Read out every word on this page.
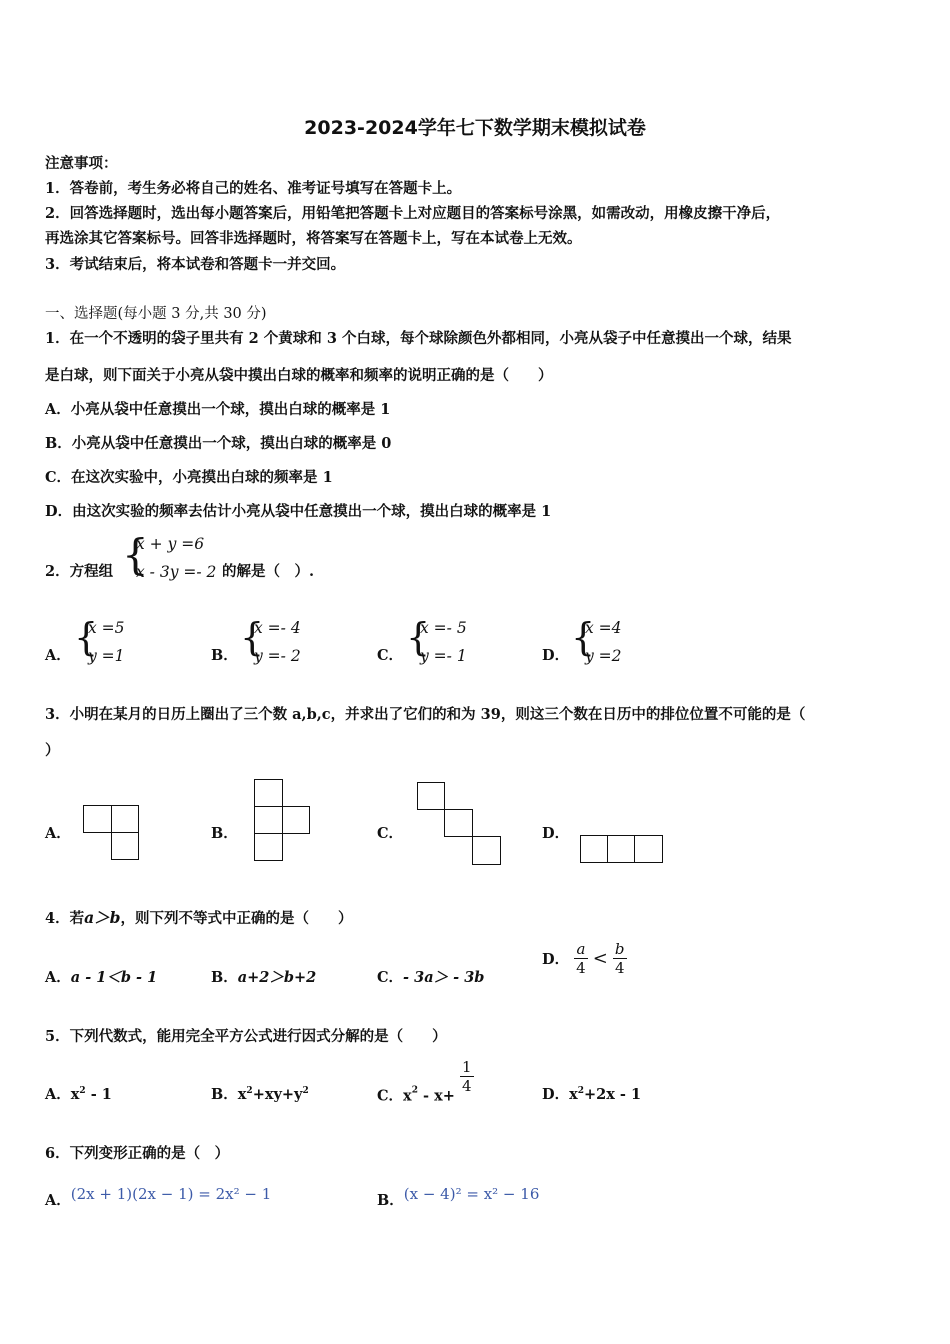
2023-2024学年七下数学期末模拟试卷
注意事项：
1．答卷前，考生务必将自己的姓名、准考证号填写在答题卡上。
2．回答选择题时，选出每小题答案后，用铅笔把答题卡上对应题目的答案标号涂黑，如需改动，用橡皮擦干净后，
再选涂其它答案标号。回答非选择题时，将答案写在答题卡上，写在本试卷上无效。
3．考试结束后，将本试卷和答题卡一并交回。
一、选择题(每小题 3 分,共 30 分)
1．在一个不透明的袋子里共有 2 个黄球和 3 个白球，每个球除颜色外都相同，小亮从袋子中任意摸出一个球，结果
是白球，则下面关于小亮从袋中摸出白球的概率和频率的说明正确的是（　　）
A．小亮从袋中任意摸出一个球，摸出白球的概率是 1
B．小亮从袋中任意摸出一个球，摸出白球的概率是 0
C．在这次实验中，小亮摸出白球的频率是 1
D．由这次实验的频率去估计小亮从袋中任意摸出一个球，摸出白球的概率是 1
2．方程组 {
x + y =6
x - 3y =- 2 的解是（　）.
A． {
x =5
y =1	B． {
x =- 4
y =- 2	C． {
x =- 5
y =- 1	D． {
x =4
y =2
3．小明在某月的日历上圈出了三个数 a,b,c，并求出了它们的和为 39，则这三个数在日历中的排位位置不可能的是（
）
A．	B．	C．	D．
4．若a＞b，则下列不等式中正确的是（　　）
A．a - 1＜b - 1	B．a+2＞b+2	C．- 3a＞ - 3b
D． $\frac{a}{4} < \frac{b}{4}$
5．下列代数式，能用完全平方公式进行因式分解的是（　　）
A．$x^2 - 1$	B．$x^2+xy+y^2$	C．$x^2 - x+$
$\frac{1}{4}$	D．$x^2+2x - 1$
6．下列变形正确的是（　）
A．(2x + 1)(2x − 1) = 2x² − 1	B．(x − 4)² = x² − 16
